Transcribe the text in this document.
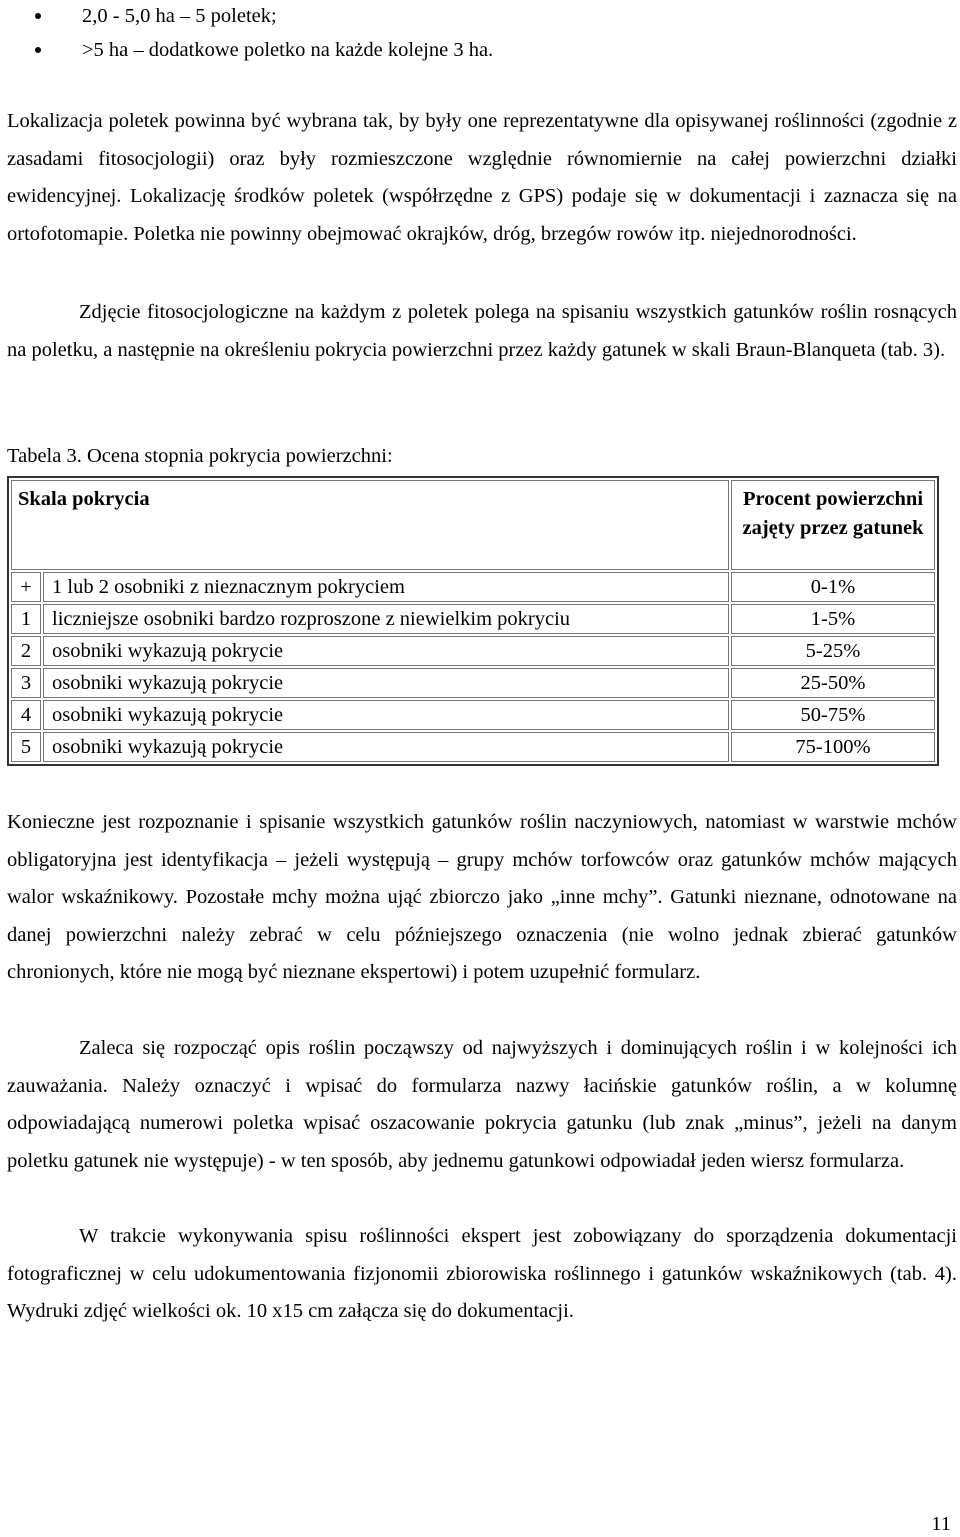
2,0 - 5,0 ha – 5 poletek;
>5 ha – dodatkowe poletko na każde kolejne 3 ha.
Lokalizacja poletek powinna być wybrana tak, by były one reprezentatywne dla opisywanej roślinności (zgodnie z zasadami fitosocjologii) oraz były rozmieszczone względnie równomiernie na całej powierzchni działki ewidencyjnej. Lokalizację środków poletek (współrzędne z GPS) podaje się w dokumentacji i zaznacza się na ortofotomapie. Poletka nie powinny obejmować okrajków, dróg, brzegów rowów itp. niejednorodności.
Zdjęcie fitosocjologiczne na każdym z poletek polega na spisaniu wszystkich gatunków roślin rosnących na poletku, a następnie na określeniu pokrycia powierzchni przez każdy gatunek w skali Braun-Blanqueta (tab. 3).
Tabela 3. Ocena stopnia pokrycia powierzchni:
Skala pokrycia		Procent powierzchni zajęty przez gatunek
+	1 lub 2 osobniki z nieznacznym pokryciem	0-1%
1	liczniejsze osobniki bardzo rozproszone z niewielkim pokryciu	1-5%
2	osobniki wykazują pokrycie	5-25%
3	osobniki wykazują pokrycie	25-50%
4	osobniki wykazują pokrycie	50-75%
5	osobniki wykazują pokrycie	75-100%
Konieczne jest rozpoznanie i spisanie wszystkich gatunków roślin naczyniowych, natomiast w warstwie mchów obligatoryjna jest identyfikacja – jeżeli występują – grupy mchów torfowców oraz gatunków mchów mających walor wskaźnikowy. Pozostałe mchy można ująć zbiorczo jako „inne mchy”. Gatunki nieznane, odnotowane na danej powierzchni należy zebrać w celu późniejszego oznaczenia (nie wolno jednak zbierać gatunków chronionych, które nie mogą być nieznane ekspertowi) i potem uzupełnić formularz.
Zaleca się rozpocząć opis roślin począwszy od najwyższych i dominujących roślin i w kolejności ich zauważania. Należy oznaczyć i wpisać do formularza nazwy łacińskie gatunków roślin, a w kolumnę odpowiadającą numerowi poletka wpisać oszacowanie pokrycia gatunku (lub znak „minus”, jeżeli na danym poletku gatunek nie występuje) - w ten sposób, aby jednemu gatunkowi odpowiadał jeden wiersz formularza.
W trakcie wykonywania spisu roślinności ekspert jest zobowiązany do sporządzenia dokumentacji fotograficznej w celu udokumentowania fizjonomii zbiorowiska roślinnego i gatunków wskaźnikowych (tab. 4). Wydruki zdjęć wielkości ok. 10 x15 cm załącza się do dokumentacji.
11
